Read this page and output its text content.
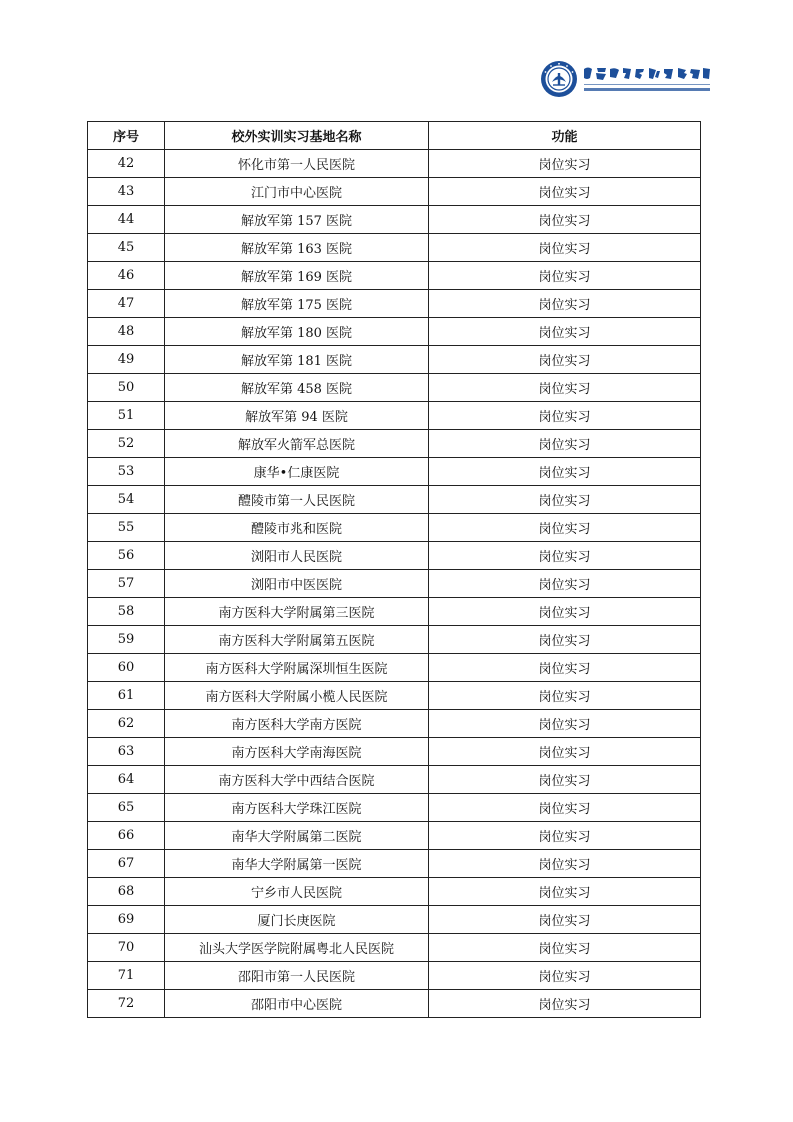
序号	校外实训实习基地名称	功能
42	怀化市第一人民医院	岗位实习
43	江门市中心医院	岗位实习
44	解放军第 157 医院	岗位实习
45	解放军第 163 医院	岗位实习
46	解放军第 169 医院	岗位实习
47	解放军第 175 医院	岗位实习
48	解放军第 180 医院	岗位实习
49	解放军第 181 医院	岗位实习
50	解放军第 458 医院	岗位实习
51	解放军第 94 医院	岗位实习
52	解放军火箭军总医院	岗位实习
53	康华•仁康医院	岗位实习
54	醴陵市第一人民医院	岗位实习
55	醴陵市兆和医院	岗位实习
56	浏阳市人民医院	岗位实习
57	浏阳市中医医院	岗位实习
58	南方医科大学附属第三医院	岗位实习
59	南方医科大学附属第五医院	岗位实习
60	南方医科大学附属深圳恒生医院	岗位实习
61	南方医科大学附属小榄人民医院	岗位实习
62	南方医科大学南方医院	岗位实习
63	南方医科大学南海医院	岗位实习
64	南方医科大学中西结合医院	岗位实习
65	南方医科大学珠江医院	岗位实习
66	南华大学附属第二医院	岗位实习
67	南华大学附属第一医院	岗位实习
68	宁乡市人民医院	岗位实习
69	厦门长庚医院	岗位实习
70	汕头大学医学院附属粤北人民医院	岗位实习
71	邵阳市第一人民医院	岗位实习
72	邵阳市中心医院	岗位实习
